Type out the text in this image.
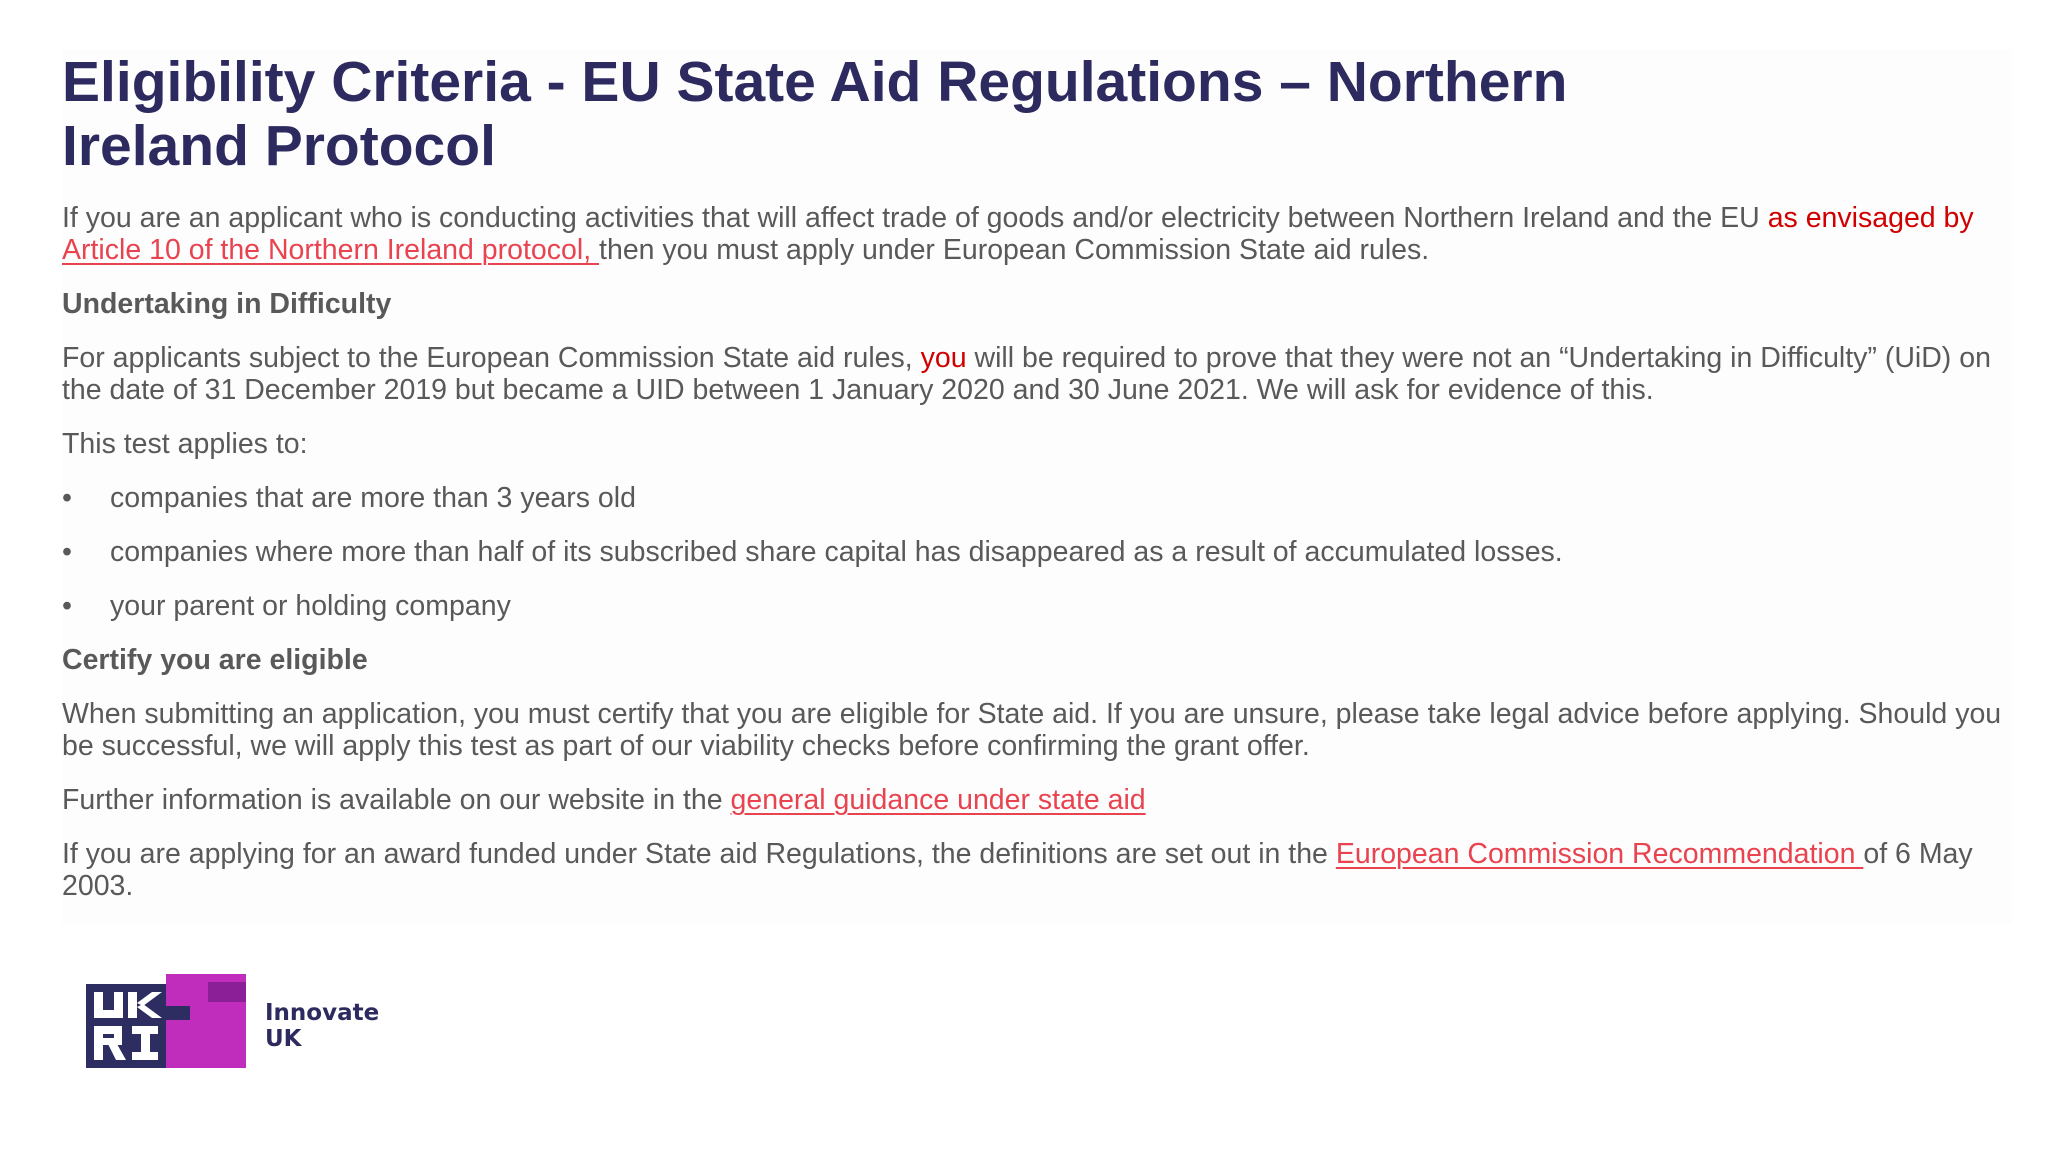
Eligibility Criteria - EU State Aid Regulations – Northern Ireland Protocol

If you are an applicant who is conducting activities that will affect trade of goods and/or electricity between Northern Ireland and the EU as envisaged by Article 10 of the Northern Ireland protocol, then you must apply under European Commission State aid rules.

Undertaking in Difficulty

For applicants subject to the European Commission State aid rules, you will be required to prove that they were not an “Undertaking in Difficulty” (UiD) on the date of 31 December 2019 but became a UID between 1 January 2020 and 30 June 2021. We will ask for evidence of this.

This test applies to:

• companies that are more than 3 years old
• companies where more than half of its subscribed share capital has disappeared as a result of accumulated losses.
• your parent or holding company

Certify you are eligible

When submitting an application, you must certify that you are eligible for State aid. If you are unsure, please take legal advice before applying. Should you be successful, we will apply this test as part of our viability checks before confirming the grant offer.

Further information is available on our website in the general guidance under state aid

If you are applying for an award funded under State aid Regulations, the definitions are set out in the European Commission Recommendation of 6 May 2003.

Innovate
UK
